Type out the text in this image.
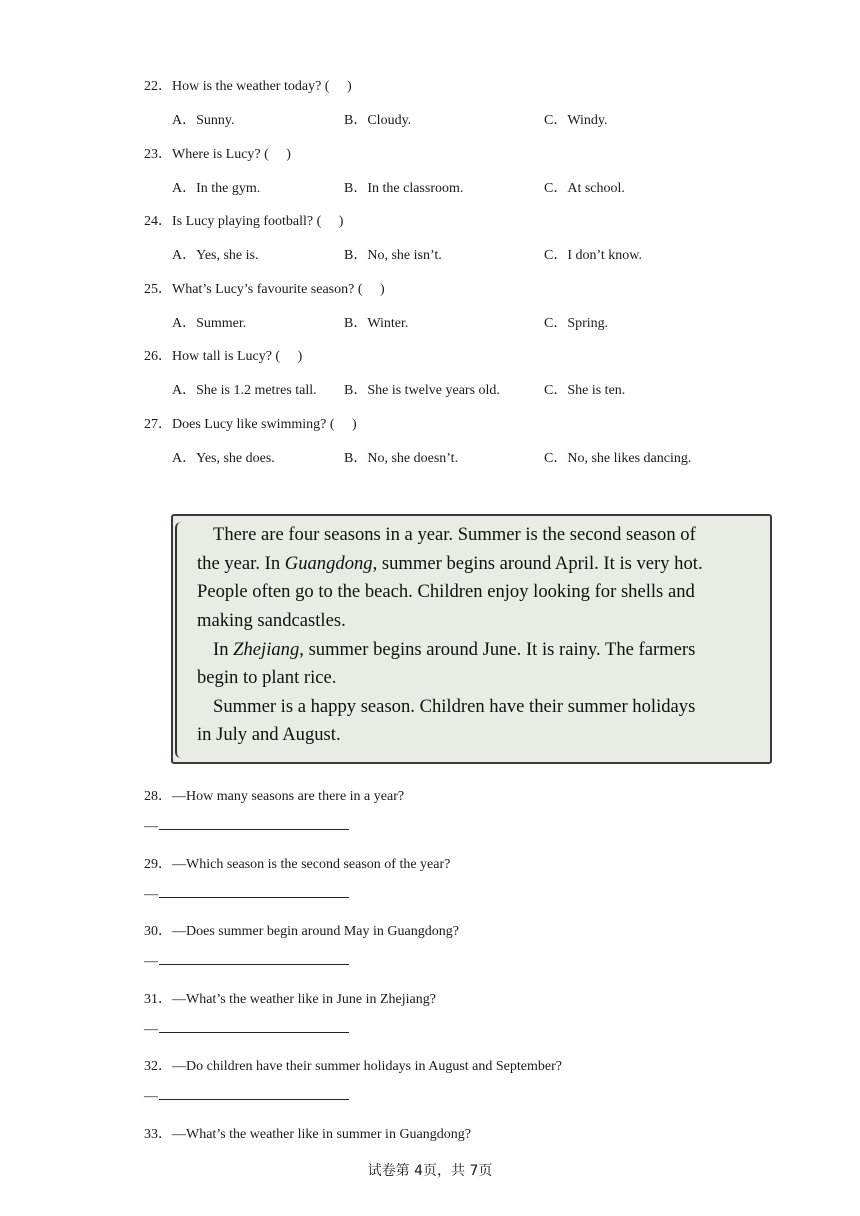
22．How is the weather today? (　 )
A．Sunny.	B．Cloudy.	C．Windy.
23．Where is Lucy? (　 )
A．In the gym.	B．In the classroom.	C．At school.
24．Is Lucy playing football? (　 )
A．Yes, she is.	B．No, she isn’t.	C．I don’t know.
25．What’s Lucy’s favourite season? (　 )
A．Summer.	B．Winter.	C．Spring.
26．How tall is Lucy? (　 )
A．She is 1.2 metres tall. B．She is twelve years old.	C．She is ten.
27．Does Lucy like swimming? (　 )
A．Yes, she does.	B．No, she doesn’t.	C．No, she likes dancing.
There are four seasons in a year. Summer is the second season of
the year. In Guangdong, summer begins around April. It is very hot.
People often go to the beach. Children enjoy looking for shells and
making sandcastles.
In Zhejiang, summer begins around June. It is rainy. The farmers
begin to plant rice.
Summer is a happy season. Children have their summer holidays
in July and August.
28．—How many seasons are there in a year?
—
29．—Which season is the second season of the year?
—
30．—Does summer begin around May in Guangdong?
—
31．—What’s the weather like in June in Zhejiang?
—
32．—Do children have their summer holidays in August and September?
—
33．—What’s the weather like in summer in Guangdong?
试卷第 4页，共 7页
